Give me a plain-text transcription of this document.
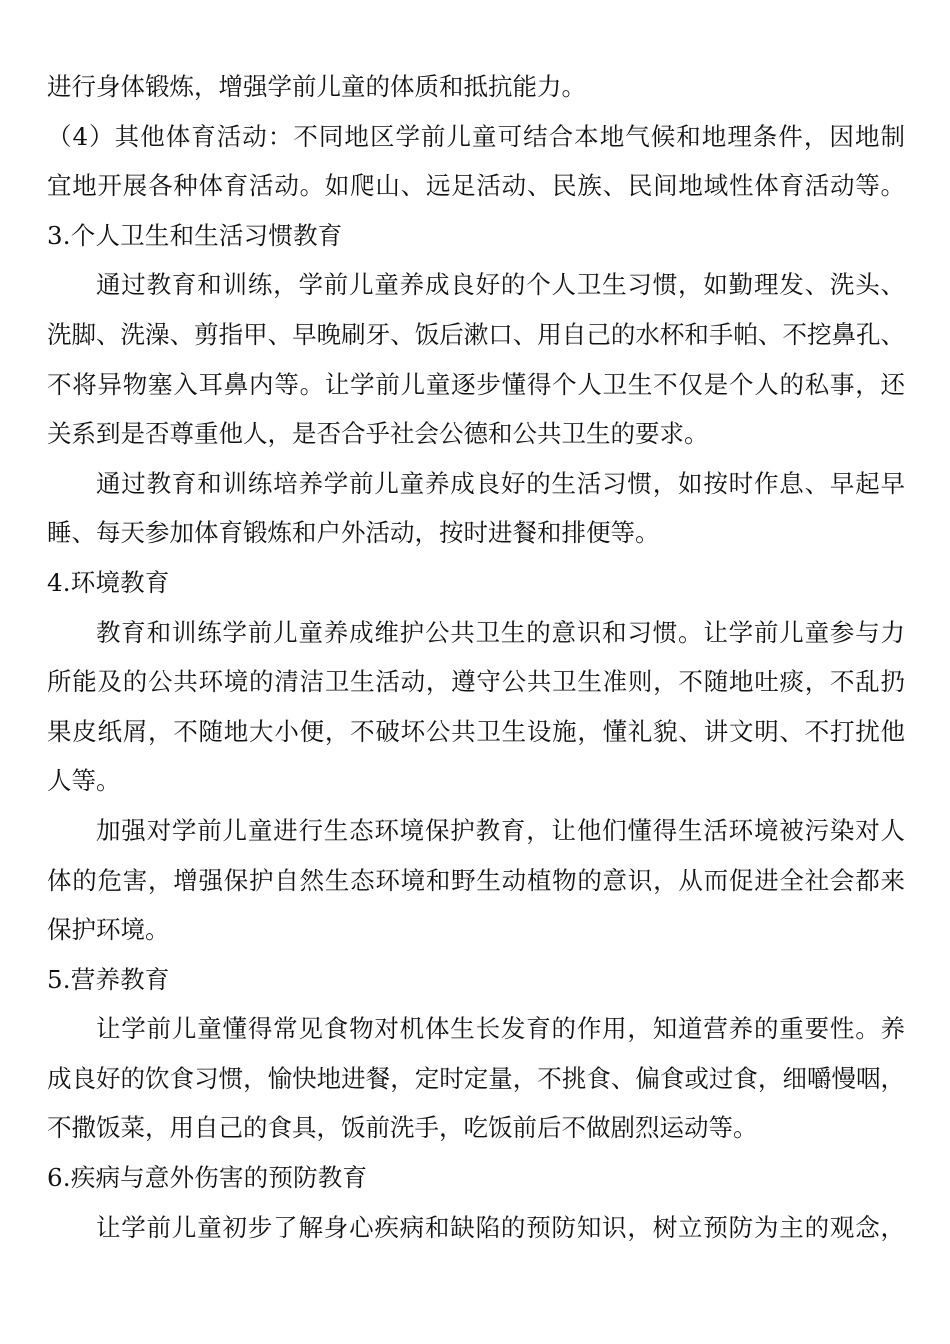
进行身体锻炼，增强学前儿童的体质和抵抗能力。
（4）其他体育活动：不同地区学前儿童可结合本地气候和地理条件，因地制
宜地开展各种体育活动。如爬山、远足活动、民族、民间地域性体育活动等。
3.个人卫生和生活习惯教育
通过教育和训练，学前儿童养成良好的个人卫生习惯，如勤理发、洗头、
洗脚、洗澡、剪指甲、早晚刷牙、饭后漱口、用自己的水杯和手帕、不挖鼻孔、
不将异物塞入耳鼻内等。让学前儿童逐步懂得个人卫生不仅是个人的私事，还
关系到是否尊重他人，是否合乎社会公德和公共卫生的要求。
通过教育和训练培养学前儿童养成良好的生活习惯，如按时作息、早起早
睡、每天参加体育锻炼和户外活动，按时进餐和排便等。
4.环境教育
教育和训练学前儿童养成维护公共卫生的意识和习惯。让学前儿童参与力
所能及的公共环境的清洁卫生活动，遵守公共卫生准则，不随地吐痰，不乱扔
果皮纸屑，不随地大小便，不破坏公共卫生设施，懂礼貌、讲文明、不打扰他
人等。
加强对学前儿童进行生态环境保护教育，让他们懂得生活环境被污染对人
体的危害，增强保护自然生态环境和野生动植物的意识，从而促进全社会都来
保护环境。
5.营养教育
让学前儿童懂得常见食物对机体生长发育的作用，知道营养的重要性。养
成良好的饮食习惯，愉快地进餐，定时定量，不挑食、偏食或过食，细嚼慢咽，
不撒饭菜，用自己的食具，饭前洗手，吃饭前后不做剧烈运动等。
6.疾病与意外伤害的预防教育
让学前儿童初步了解身心疾病和缺陷的预防知识，树立预防为主的观念，
